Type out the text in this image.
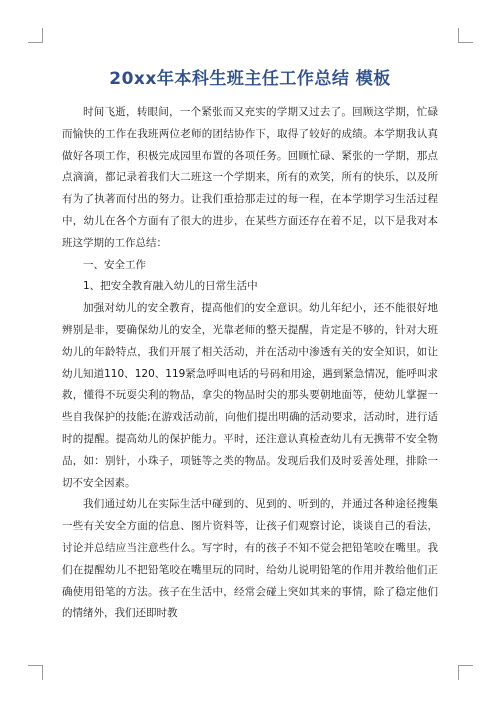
20xx年本科生班主任工作总结 模板

时间飞逝，转眼间，一个紧张而又充实的学期又过去了。回顾这学期，忙碌而愉快的工作在我班两位老师的团结协作下，取得了较好的成绩。本学期我认真做好各项工作，积极完成园里布置的各项任务。回顾忙碌、紧张的一学期，那点点滴滴，都记录着我们大二班这一个学期来，所有的欢笑，所有的快乐，以及所有为了执著而付出的努力。让我们重拾那走过的每一程，在本学期学习生活过程中，幼儿在各个方面有了很大的进步，在某些方面还存在着不足，以下是我对本班这学期的工作总结：

一、安全工作

1、把安全教育融入幼儿的日常生活中

加强对幼儿的安全教育，提高他们的安全意识。幼儿年纪小，还不能很好地辨别是非，要确保幼儿的安全，光靠老师的整天提醒，肯定是不够的，针对大班幼儿的年龄特点，我们开展了相关活动，并在活动中渗透有关的安全知识，如让幼儿知道110、120、119紧急呼叫电话的号码和用途，遇到紧急情况，能呼叫求救，懂得不玩耍尖利的物品，拿尖的物品时尖的那头要朝地面等，使幼儿掌握一些自我保护的技能;在游戏活动前，向他们提出明确的活动要求，活动时，进行适时的提醒。提高幼儿的保护能力。平时，还注意认真检查幼儿有无携带不安全物品，如：别针，小珠子，项链等之类的物品。发现后我们及时妥善处理，排除一切不安全因素。

我们通过幼儿在实际生活中碰到的、见到的、听到的，并通过各种途径搜集一些有关安全方面的信息、图片资料等，让孩子们观察讨论，谈谈自己的看法，讨论并总结应当注意些什么。写字时，有的孩子不知不觉会把铅笔咬在嘴里。我们在提醒幼儿不把铅笔咬在嘴里玩的同时，给幼儿说明铅笔的作用并教给他们正确使用铅笔的方法。孩子在生活中，经常会碰上突如其来的事情，除了稳定他们的情绪外，我们还即时教
